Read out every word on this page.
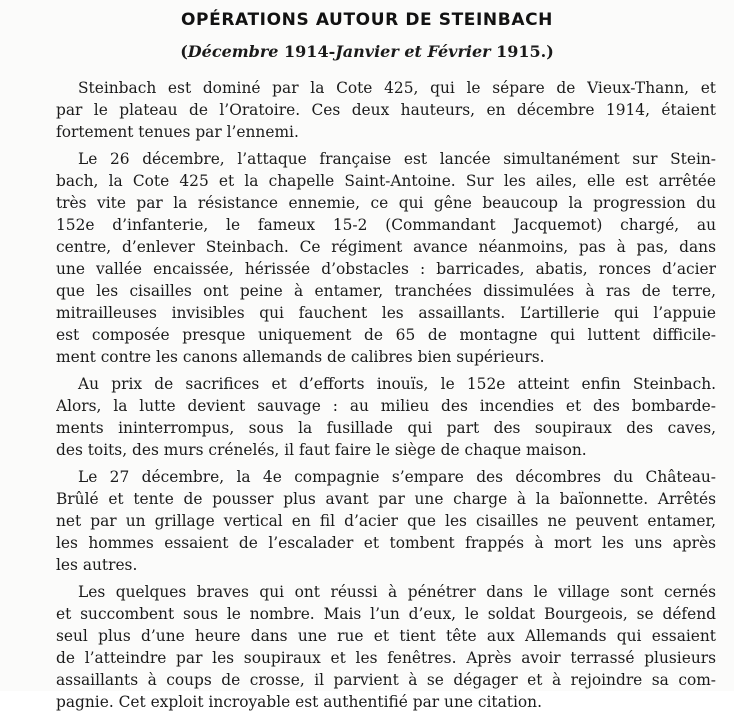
OPÉRATIONS AUTOUR DE STEINBACH
(Décembre 1914-Janvier et Février 1915.)
Steinbach est dominé par la Cote 425, qui le sépare de Vieux-Thann, et
par le plateau de l’Oratoire. Ces deux hauteurs, en décembre 1914, étaient
fortement tenues par l’ennemi.
Le 26 décembre, l’attaque française est lancée simultanément sur Stein-
bach, la Cote 425 et la chapelle Saint-Antoine. Sur les ailes, elle est arrêtée
très vite par la résistance ennemie, ce qui gêne beaucoup la progression du
152e d’infanterie, le fameux 15-2 (Commandant Jacquemot) chargé, au
centre, d’enlever Steinbach. Ce régiment avance néanmoins, pas à pas, dans
une vallée encaissée, hérissée d’obstacles : barricades, abatis, ronces d’acier
que les cisailles ont peine à entamer, tranchées dissimulées à ras de terre,
mitrailleuses invisibles qui fauchent les assaillants. L’artillerie qui l’appuie
est composée presque uniquement de 65 de montagne qui luttent difficile-
ment contre les canons allemands de calibres bien supérieurs.
Au prix de sacrifices et d’efforts inouïs, le 152e atteint enfin Steinbach.
Alors, la lutte devient sauvage : au milieu des incendies et des bombarde-
ments ininterrompus, sous la fusillade qui part des soupiraux des caves,
des toits, des murs crénelés, il faut faire le siège de chaque maison.
Le 27 décembre, la 4e compagnie s’empare des décombres du Château-
Brûlé et tente de pousser plus avant par une charge à la baïonnette. Arrêtés
net par un grillage vertical en fil d’acier que les cisailles ne peuvent entamer,
les hommes essaient de l’escalader et tombent frappés à mort les uns après
les autres.
Les quelques braves qui ont réussi à pénétrer dans le village sont cernés
et succombent sous le nombre. Mais l’un d’eux, le soldat Bourgeois, se défend
seul plus d’une heure dans une rue et tient tête aux Allemands qui essaient
de l’atteindre par les soupiraux et les fenêtres. Après avoir terrassé plusieurs
assaillants à coups de crosse, il parvient à se dégager et à rejoindre sa com-
pagnie. Cet exploit incroyable est authentifié par une citation.
